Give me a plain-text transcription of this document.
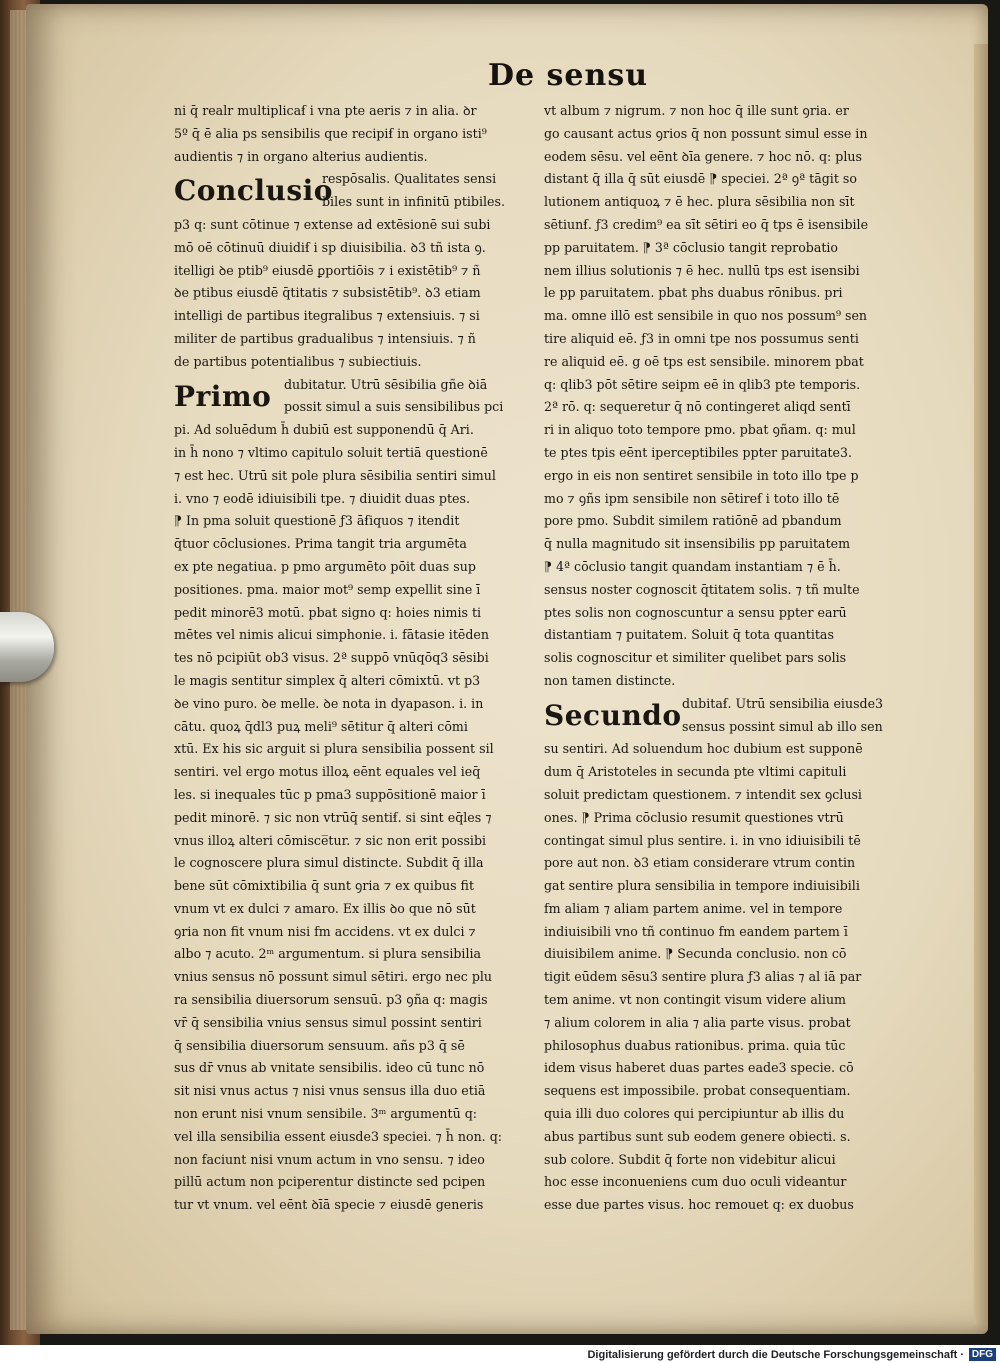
De sensu
ni q̄ realr multiplicaẜ i vna pte aeris ⁊ in alia. ꝺr
5º q̄ ē alia ps sensibilis que recipiẜ in organo isti⁹
audientis ⁊ in organo alterius audientis.
Conclusio
respōsalis. Qualitates sensi
biles sunt in infinitū ptibiles.
p3 q: sunt cōtinue ⁊ extense ad extēsionē sui subi
mō oē cōtinuū diuidiẜ i sp diuisibilia. ꝺ3 tñ ista ꝯ.
itelligi ꝺe ptib⁹ eiusdē ꝑportiōis ⁊ i existētib⁹ ⁊ ñ
ꝺe ptibus eiusdē q̄titatis ⁊ subsistētib⁹. ꝺ3 etiam
intelligi de partibus itegralibus ⁊ extensiuis. ⁊ si
militer de partibus gradualibus ⁊ intensiuis. ⁊ ñ
de partibus potentialibus ⁊ subiectiuis.
Primo dubitatur. Utrū sēsibilia gñe ꝺiā
possit simul a suis sensibilibus pci
pi. Ad soluēdum h̄ dubiū est supponendū q̄ Ari.
in h̄ nono ⁊ vltimo capitulo soluit tertiā questionē
⁊ est hec. Utrū sit pole plura sēsibilia sentiri simul
i. vno ⁊ eodē idiuisibili tpe. ⁊ diuidit duas ptes.
⁋ In pma soluit questionē ƒ3 āẜiquos ⁊ itendit
q̄tuor cōclusiones. Prima tangit tria argumēta
ex pte negatiua. p pmo argumēto pōit duas sup
positiones. pma. maior mot⁹ semp expellit sine ī
pedit minorē3 motū. pbat signo q: hoies nimis ti
mētes vel nimis alicui simphonie. i. fātasie itēden
tes nō pcipiūt ob3 visus. 2ª suppō vnūqōq3 sēsibi
le magis sentitur simplex q̄ alteri cōmixtū. vt p3
ꝺe vino puro. ꝺe melle. ꝺe nota in dyapason. i. in
cātu. quoꝝ q̄dl3 puꝝ meli⁹ sētitur q̄ alteri cōmi
xtū. Ex his sic arguit si plura sensibilia possent sil
sentiri. vel ergo motus illoꝝ eēnt equales vel ieq̄
les. si inequales tūc p pma3 suppōsitionē maior ī
pedit minorē. ⁊ sic non vtrūq̄ sentiẜ. si sint eq̄les ⁊
vnus illoꝝ alteri cōmisce̅tur. ⁊ sic non erit possibi
le cognoscere plura simul distincte. Subdit q̄ illa
bene sūt cōmixtibilia q̄ sunt ꝯria ⁊ ex quibus fit
vnum vt ex dulci ⁊ amaro. Ex illis ꝺo que nō sūt
ꝯria non fit vnum nisi fm accidens. vt ex dulci ⁊
albo ⁊ acuto. 2ᵐ argumentum. si plura sensibilia
vnius sensus nō possunt simul sētiri. ergo nec plu
ra sensibilia diuersorum sensuū. p3 ꝯña q: magis
vr̄ q̄ sensibilia vnius sensus simul possint sentiri
q̄ sensibilia diuersorum sensuum. añs p3 q̄ sē
sus dr̄ vnus ab vnitate sensibilis. ideo cū tunc nō
sit nisi vnus actus ⁊ nisi vnus sensus illa duo etiā
non erunt nisi vnum sensibile. 3ᵐ argumentū q:
vel illa sensibilia essent eiusde3 speciei. ⁊ h̄ non. q:
non faciunt nisi vnum actum in vno sensu. ⁊ ideo
pillū actum non pciperentur distincte sed pcipen
tur vt vnum. vel eēnt ꝺīā specie ⁊ eiusdē generis
vt album ⁊ nigrum. ⁊ non hoc q̄ ille sunt ꝯria. er
go causant actus ꝯrios q̄ non possunt simul esse in
eodem sēsu. vel eēnt ꝺīa genere. ⁊ hoc nō. q: plus
distant q̄ illa q̄ sūt eiusdē ⁋ speciei. 2ª ꝯª tāgit so
lutionem antiquoꝝ ⁊ ē hec. plura sēsibilia non sīt
sētiunẜ. ƒ3 credim⁹ ea sīt sētiri eo q̄ tps ē isensibile
pp paruitatem. ⁋ 3ª cōclusio tangit reprobatio
nem illius solutionis ⁊ ē hec. nullū tps est isensibi
le pp paruitatem. pbat phs duabus rōnibus. pri
ma. omne illō est sensibile in quo nos possum⁹ sen
tire aliquid eē. ƒ3 in omni tpe nos possumus senti
re aliquid eē. g oē tps est sensibile. minorem pbat
q: qlib3 pōt sētire seipm eē in qlib3 pte temporis.
2ª rō. q: sequeretur q̄ nō contingeret aliqd sentī
ri in aliquo toto tempore pmo. pbat ꝯñam. q: mul
te ptes tpis eēnt iperceptibiles ppter paruitate3.
ergo in eis non sentiret sensibile in toto illo tpe p
mo ⁊ ꝯñs ipm sensibile non sētireẜ i toto illo tē
pore pmo. Subdit similem ratiōnē ad pbandum
q̄ nulla magnitudo sit insensibilis pp paruitatem
⁋ 4ª cōclusio tangit quandam instantiam ⁊ ē h̄.
sensus noster cognoscit q̄titatem solis. ⁊ tñ multe
ptes solis non cognoscuntur a sensu ppter earū
distantiam ⁊ puitatem. Soluit q̄ tota quantitas
solis cognoscitur et similiter quelibet pars solis
non tamen distincte.
Secundo dubitaẜ. Utrū sensibilia eiusde3
sensus possint simul ab illo sen
su sentiri. Ad soluendum hoc dubium est supponē
dum q̄ Aristoteles in secunda pte vltimi capituli
soluit predictam questionem. ⁊ intendit sex ꝯclusi
ones. ⁋ Prima cōclusio resumit questiones vtrū
contingat simul plus sentire. i. in vno idiuisibili tē
pore aut non. ꝺ3 etiam considerare vtrum contin
gat sentire plura sensibilia in tempore indiuisibili
fm aliam ⁊ aliam partem anime. vel in tempore
indiuisibili vno tñ continuo fm eandem partem ī
diuisibilem anime. ⁋ Secunda conclusio. non cō
tigit eūdem sēsu3 sentire plura ƒ3 alias ⁊ al iā par
tem anime. vt non contingit visum videre alium
⁊ alium colorem in alia ⁊ alia parte visus. probat
philosophus duabus rationibus. prima. quia tūc
idem visus haberet duas partes eade3 specie. cō
sequens est impossibile. probat consequentiam.
quia illi duo colores qui percipiuntur ab illis du
abus partibus sunt sub eodem genere obiecti. s.
sub colore. Subdit q̄ forte non videbitur alicui
hoc esse inconueniens cum duo oculi videantur
esse due partes visus. hoc remouet q: ex duobus
Digitalisierung gefördert durch die Deutsche Forschungsgemeinschaft · DFG
